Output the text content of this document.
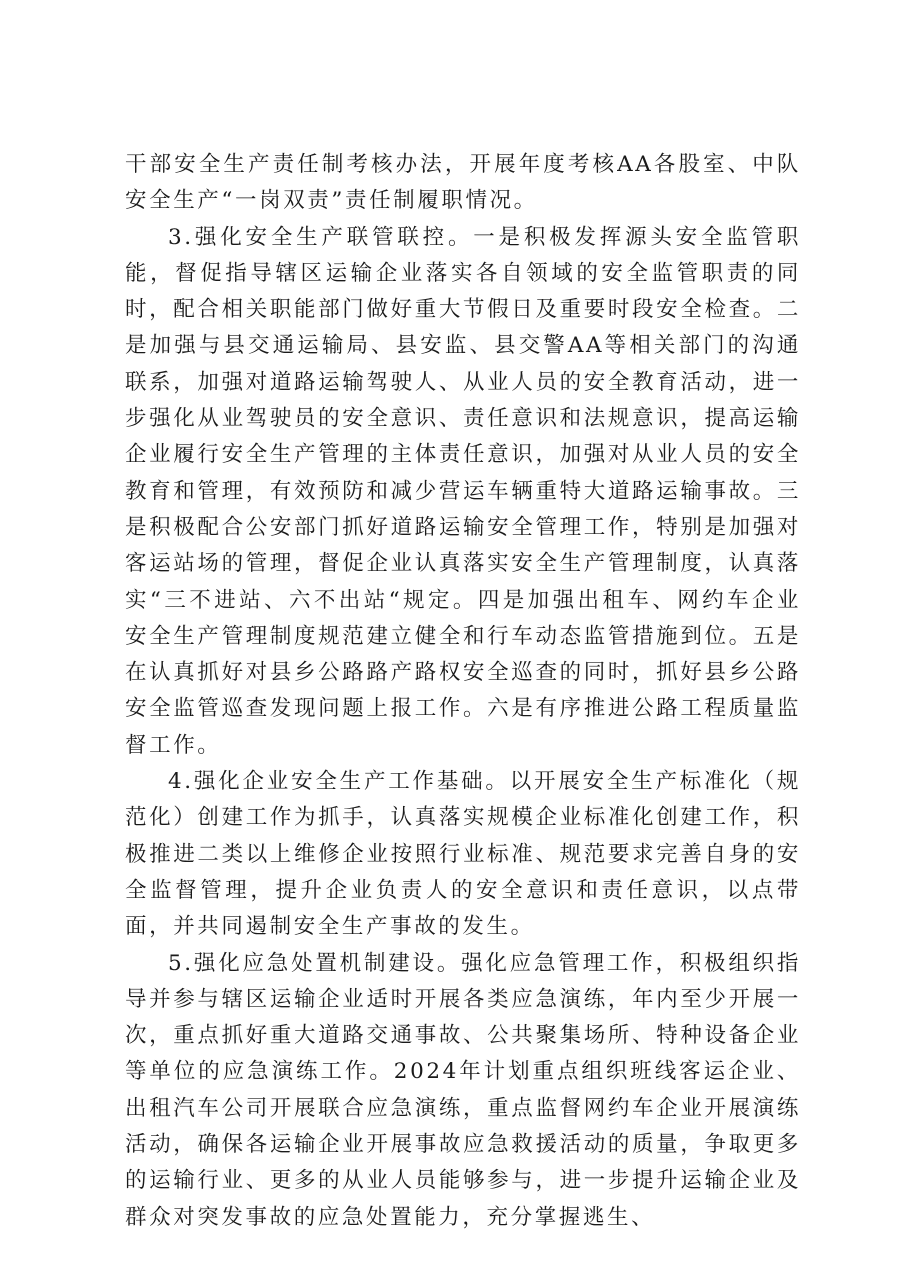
干部安全生产责任制考核办法，开展年度考核AA各股室、中队安全生产“一岗双责”责任制履职情况。

3.强化安全生产联管联控。一是积极发挥源头安全监管职能，督促指导辖区运输企业落实各自领域的安全监管职责的同时，配合相关职能部门做好重大节假日及重要时段安全检查。二是加强与县交通运输局、县安监、县交警AA等相关部门的沟通联系，加强对道路运输驾驶人、从业人员的安全教育活动，进一步强化从业驾驶员的安全意识、责任意识和法规意识，提高运输企业履行安全生产管理的主体责任意识，加强对从业人员的安全教育和管理，有效预防和减少营运车辆重特大道路运输事故。三是积极配合公安部门抓好道路运输安全管理工作，特别是加强对客运站场的管理，督促企业认真落实安全生产管理制度，认真落实“三不进站、六不出站“规定。四是加强出租车、网约车企业安全生产管理制度规范建立健全和行车动态监管措施到位。五是在认真抓好对县乡公路路产路权安全巡查的同时，抓好县乡公路安全监管巡查发现问题上报工作。六是有序推进公路工程质量监督工作。

4.强化企业安全生产工作基础。以开展安全生产标准化（规范化）创建工作为抓手，认真落实规模企业标准化创建工作，积极推进二类以上维修企业按照行业标准、规范要求完善自身的安全监督管理，提升企业负责人的安全意识和责任意识，以点带面，并共同遏制安全生产事故的发生。

5.强化应急处置机制建设。强化应急管理工作，积极组织指导并参与辖区运输企业适时开展各类应急演练，年内至少开展一次，重点抓好重大道路交通事故、公共聚集场所、特种设备企业等单位的应急演练工作。2024年计划重点组织班线客运企业、出租汽车公司开展联合应急演练，重点监督网约车企业开展演练活动，确保各运输企业开展事故应急救援活动的质量，争取更多的运输行业、更多的从业人员能够参与，进一步提升运输企业及群众对突发事故的应急处置能力，充分掌握逃生、
